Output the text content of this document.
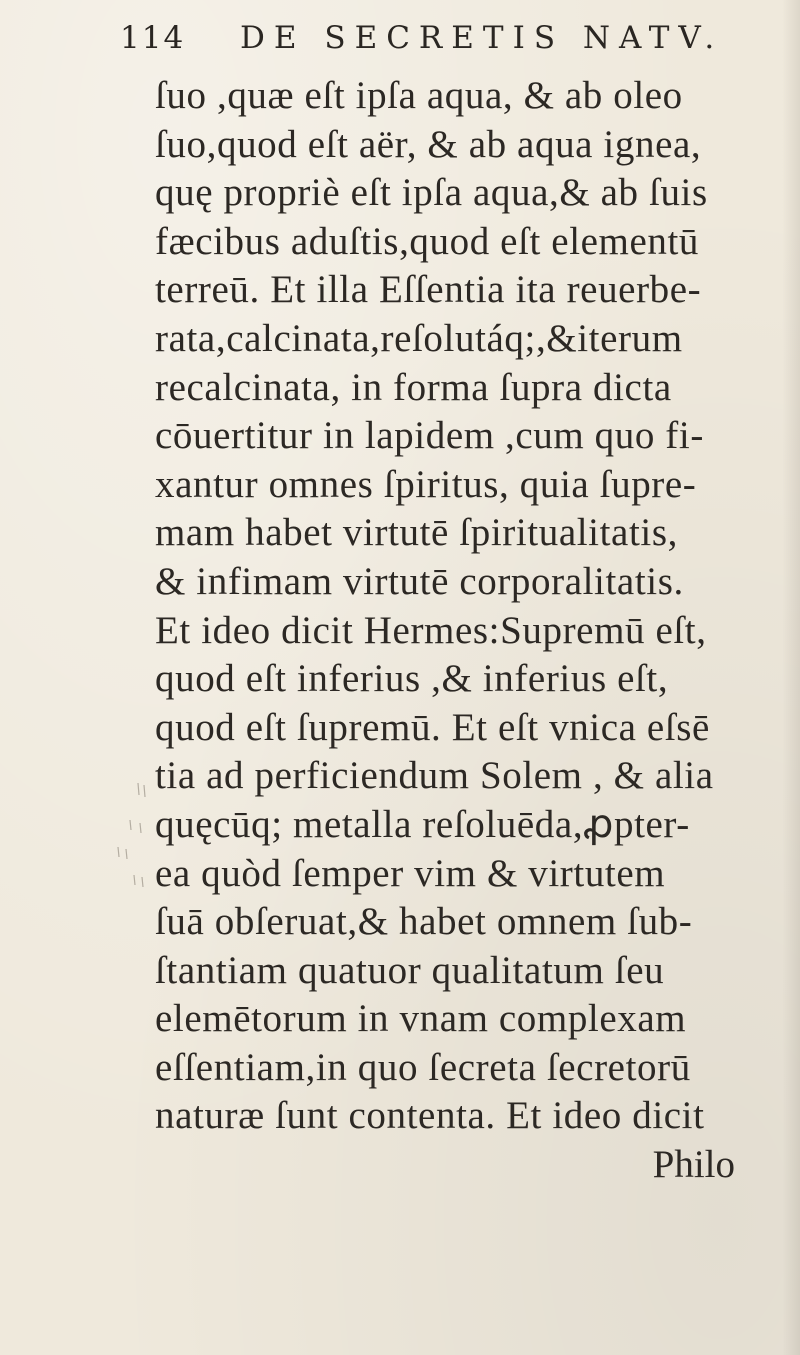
114 DE SECRETIS NATV.
ſuo ,quæ eſt ipſa aqua, & ab oleo
ſuo,quod eſt aër, & ab aqua ignea,
quę propriè eſt ipſa aqua,& ab ſuis
fæcibus aduſtis,quod eſt elementū
terreū. Et illa Eſſentia ita reuerbe-
rata,calcinata,reſolutáq;,&iterum
recalcinata, in forma ſupra dicta
cōuertitur in lapidem ,cum quo fi-
xantur omnes ſpiritus, quia ſupre-
mam habet virtutē ſpiritualitatis,
& infimam virtutē corporalitatis.
Et ideo dicit Hermes:Supremū eſt,
quod eſt inferius ,& inferius eſt,
quod eſt ſupremū. Et eſt vnica eſsē
tia ad perficiendum Solem , & alia
quęcūq; metalla reſoluēda,ꝓpter-
ea quòd ſemper vim & virtutem
ſuā obſeruat,& habet omnem ſub-
ſtantiam quatuor qualitatum ſeu
elemētorum in vnam complexam
eſſentiam,in quo ſecreta ſecretorū
naturæ ſunt contenta. Et ideo dicit
Philo
